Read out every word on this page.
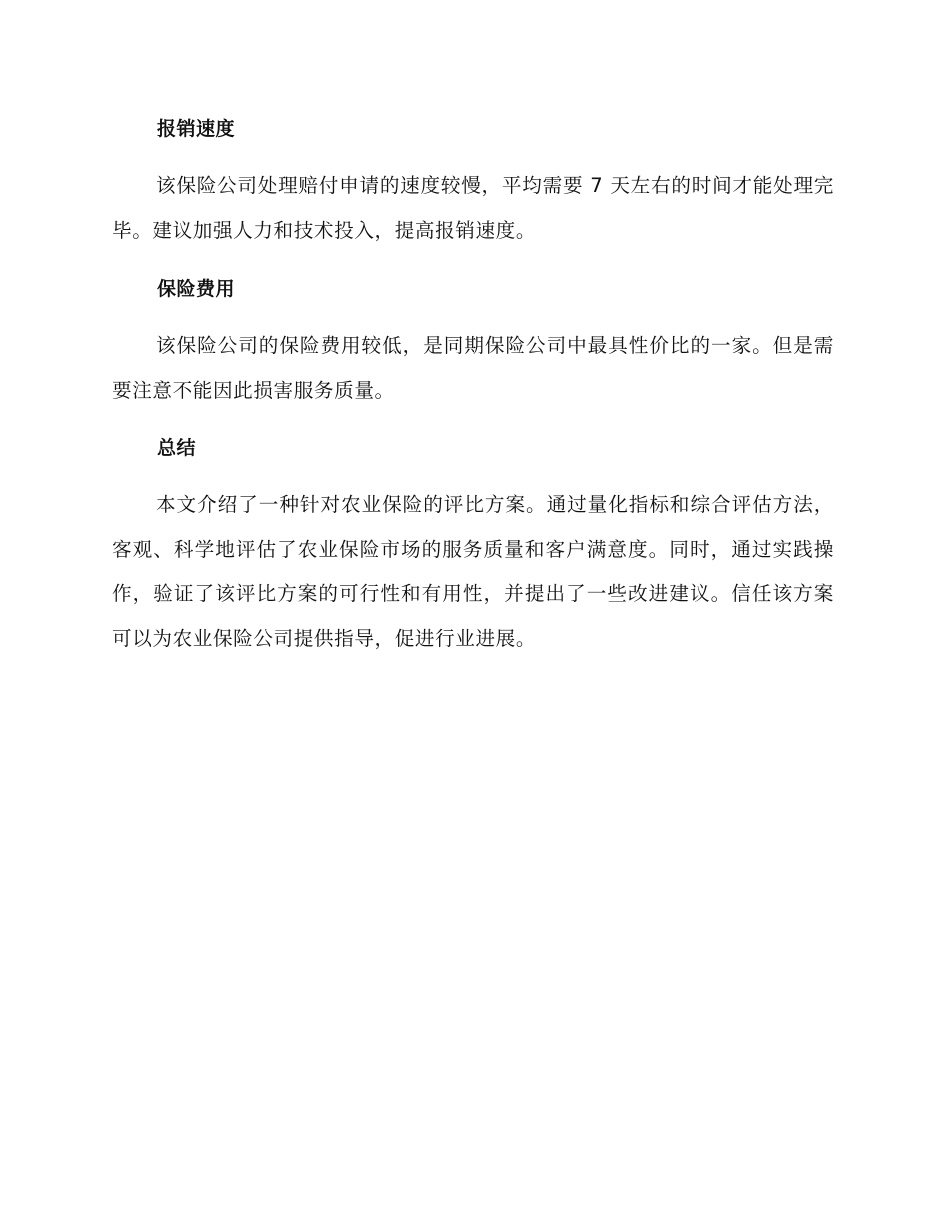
报销速度

该保险公司处理赔付申请的速度较慢，平均需要 7 天左右的时间才能处理完毕。建议加强人力和技术投入，提高报销速度。

保险费用

该保险公司的保险费用较低，是同期保险公司中最具性价比的一家。但是需要注意不能因此损害服务质量。

总结

本文介绍了一种针对农业保险的评比方案。通过量化指标和综合评估方法，客观、科学地评估了农业保险市场的服务质量和客户满意度。同时，通过实践操作，验证了该评比方案的可行性和有用性，并提出了一些改进建议。信任该方案可以为农业保险公司提供指导，促进行业进展。
